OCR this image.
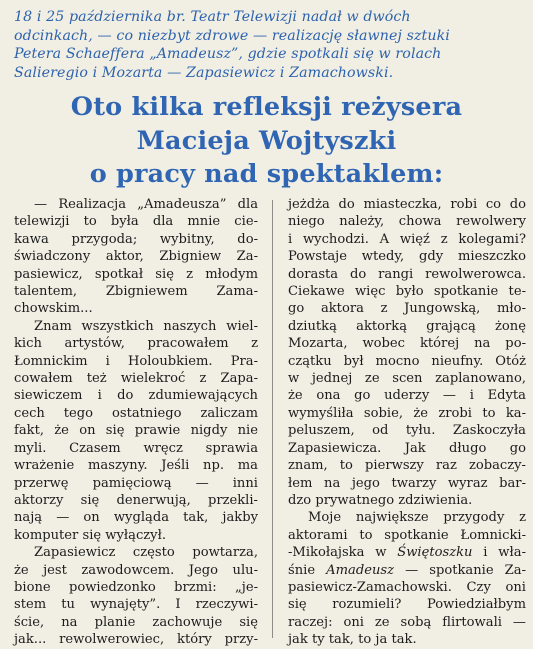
18 i 25 października br. Teatr Telewizji nadał w dwóch
odcinkach, — co niezbyt zdrowe — realizację sławnej sztuki
Petera Schaeffera „Amadeusz”, gdzie spotkali się w rolach
Salieregio i Mozarta — Zapasiewicz i Zamachowski.
Oto kilka refleksji reżysera
Macieja Wojtyszki
o pracy nad spektaklem:

— Realizacja „Amadeusza” dla
telewizji to była dla mnie cie-
kawa przygoda; wybitny, do-
świadczony aktor, Zbigniew Za-
pasiewicz, spotkał się z młodym
talentem, Zbigniewem Zama-
chowskim...

Znam wszystkich naszych wiel-
kich artystów, pracowałem z
Łomnickim i Holoubkiem. Pra-
cowałem też wielekroć z Zapa-
siewiczem i do zdumiewających
cech tego ostatniego zaliczam
fakt, że on się prawie nigdy nie
myli. Czasem wręcz sprawia
wrażenie maszyny. Jeśli np. ma
przerwę pamięciową — inni
aktorzy się denerwują, przekli-
nają — on wygląda tak, jakby
komputer się wyłączył.

Zapasiewicz często powtarza,
że jest zawodowcem. Jego ulu-
bione powiedzonko brzmi: „je-
stem tu wynajęty”. I rzeczywi-
ście, na planie zachowuje się
jak... rewolwerowiec, który przy-

jeżdża do miasteczka, robi co do
niego należy, chowa rewolwery
i wychodzi. A więź z kolegami?
Powstaje wtedy, gdy mieszczko
dorasta do rangi rewolwerowca.
Ciekawe więc było spotkanie te-
go aktora z Jungowską, mło-
dziutką aktorką grającą żonę
Mozarta, wobec której na po-
czątku był mocno nieufny. Otóż
w jednej ze scen zaplanowano,
że ona go uderzy — i Edyta
wymyśliła sobie, że zrobi to ka-
peluszem, od tyłu. Zaskoczyła
Zapasiewicza. Jak długo go
znam, to pierwszy raz zobaczy-
łem na jego twarzy wyraz bar-
dzo prywatnego zdziwienia.

Moje największe przygody z
aktorami to spotkanie Łomnicki-
-Mikołajska w Świętoszku i wła-
śnie Amadeusz — spotkanie Za-
pasiewicz-Zamachowski. Czy oni
się rozumieli? Powiedziałbym
raczej: oni ze sobą flirtowali —
jak ty tak, to ja tak.
